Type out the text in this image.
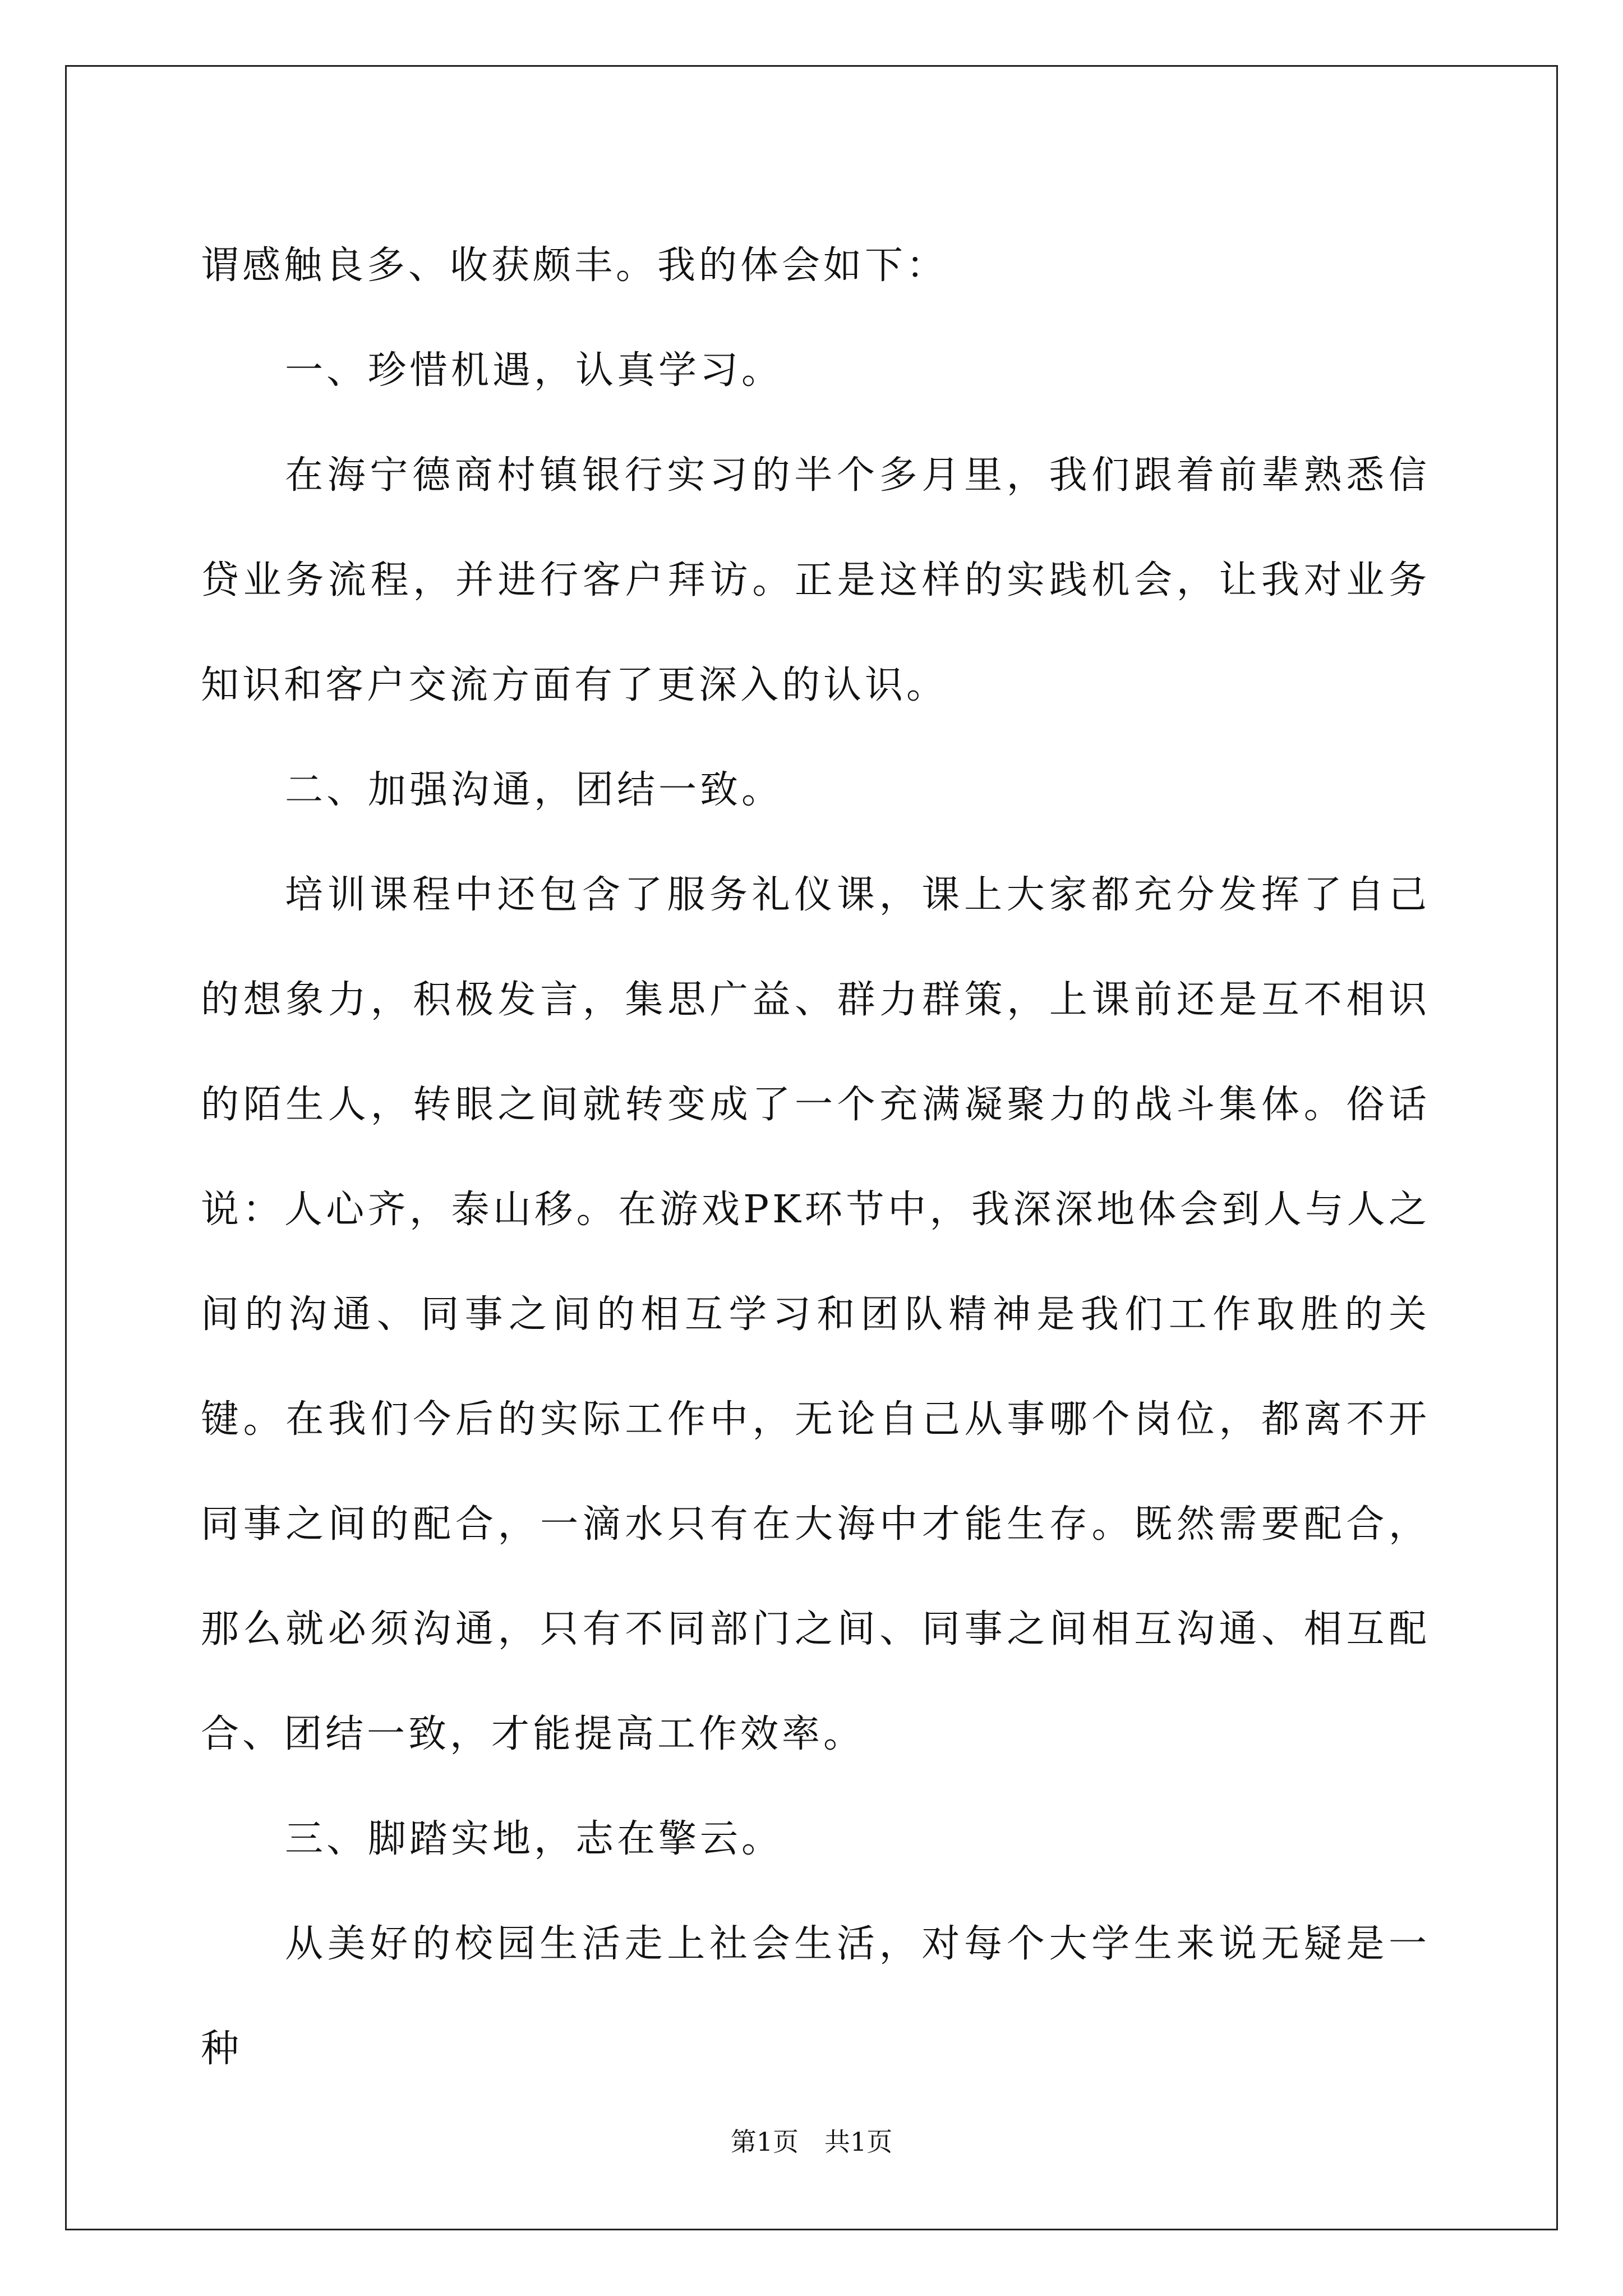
谓感触良多、收获颇丰。我的体会如下：

一、珍惜机遇，认真学习。

在海宁德商村镇银行实习的半个多月里，我们跟着前辈熟悉信贷业务流程，并进行客户拜访。正是这样的实践机会，让我对业务知识和客户交流方面有了更深入的认识。

二、加强沟通，团结一致。

培训课程中还包含了服务礼仪课，课上大家都充分发挥了自己的想象力，积极发言，集思广益、群力群策，上课前还是互不相识的陌生人，转眼之间就转变成了一个充满凝聚力的战斗集体。俗话说：人心齐，泰山移。在游戏PK环节中，我深深地体会到人与人之间的沟通、同事之间的相互学习和团队精神是我们工作取胜的关键。在我们今后的实际工作中，无论自己从事哪个岗位，都离不开同事之间的配合，一滴水只有在大海中才能生存。既然需要配合，那么就必须沟通，只有不同部门之间、同事之间相互沟通、相互配合、团结一致，才能提高工作效率。

三、脚踏实地，志在擎云。

从美好的校园生活走上社会生活，对每个大学生来说无疑是一种

第1页　共1页
